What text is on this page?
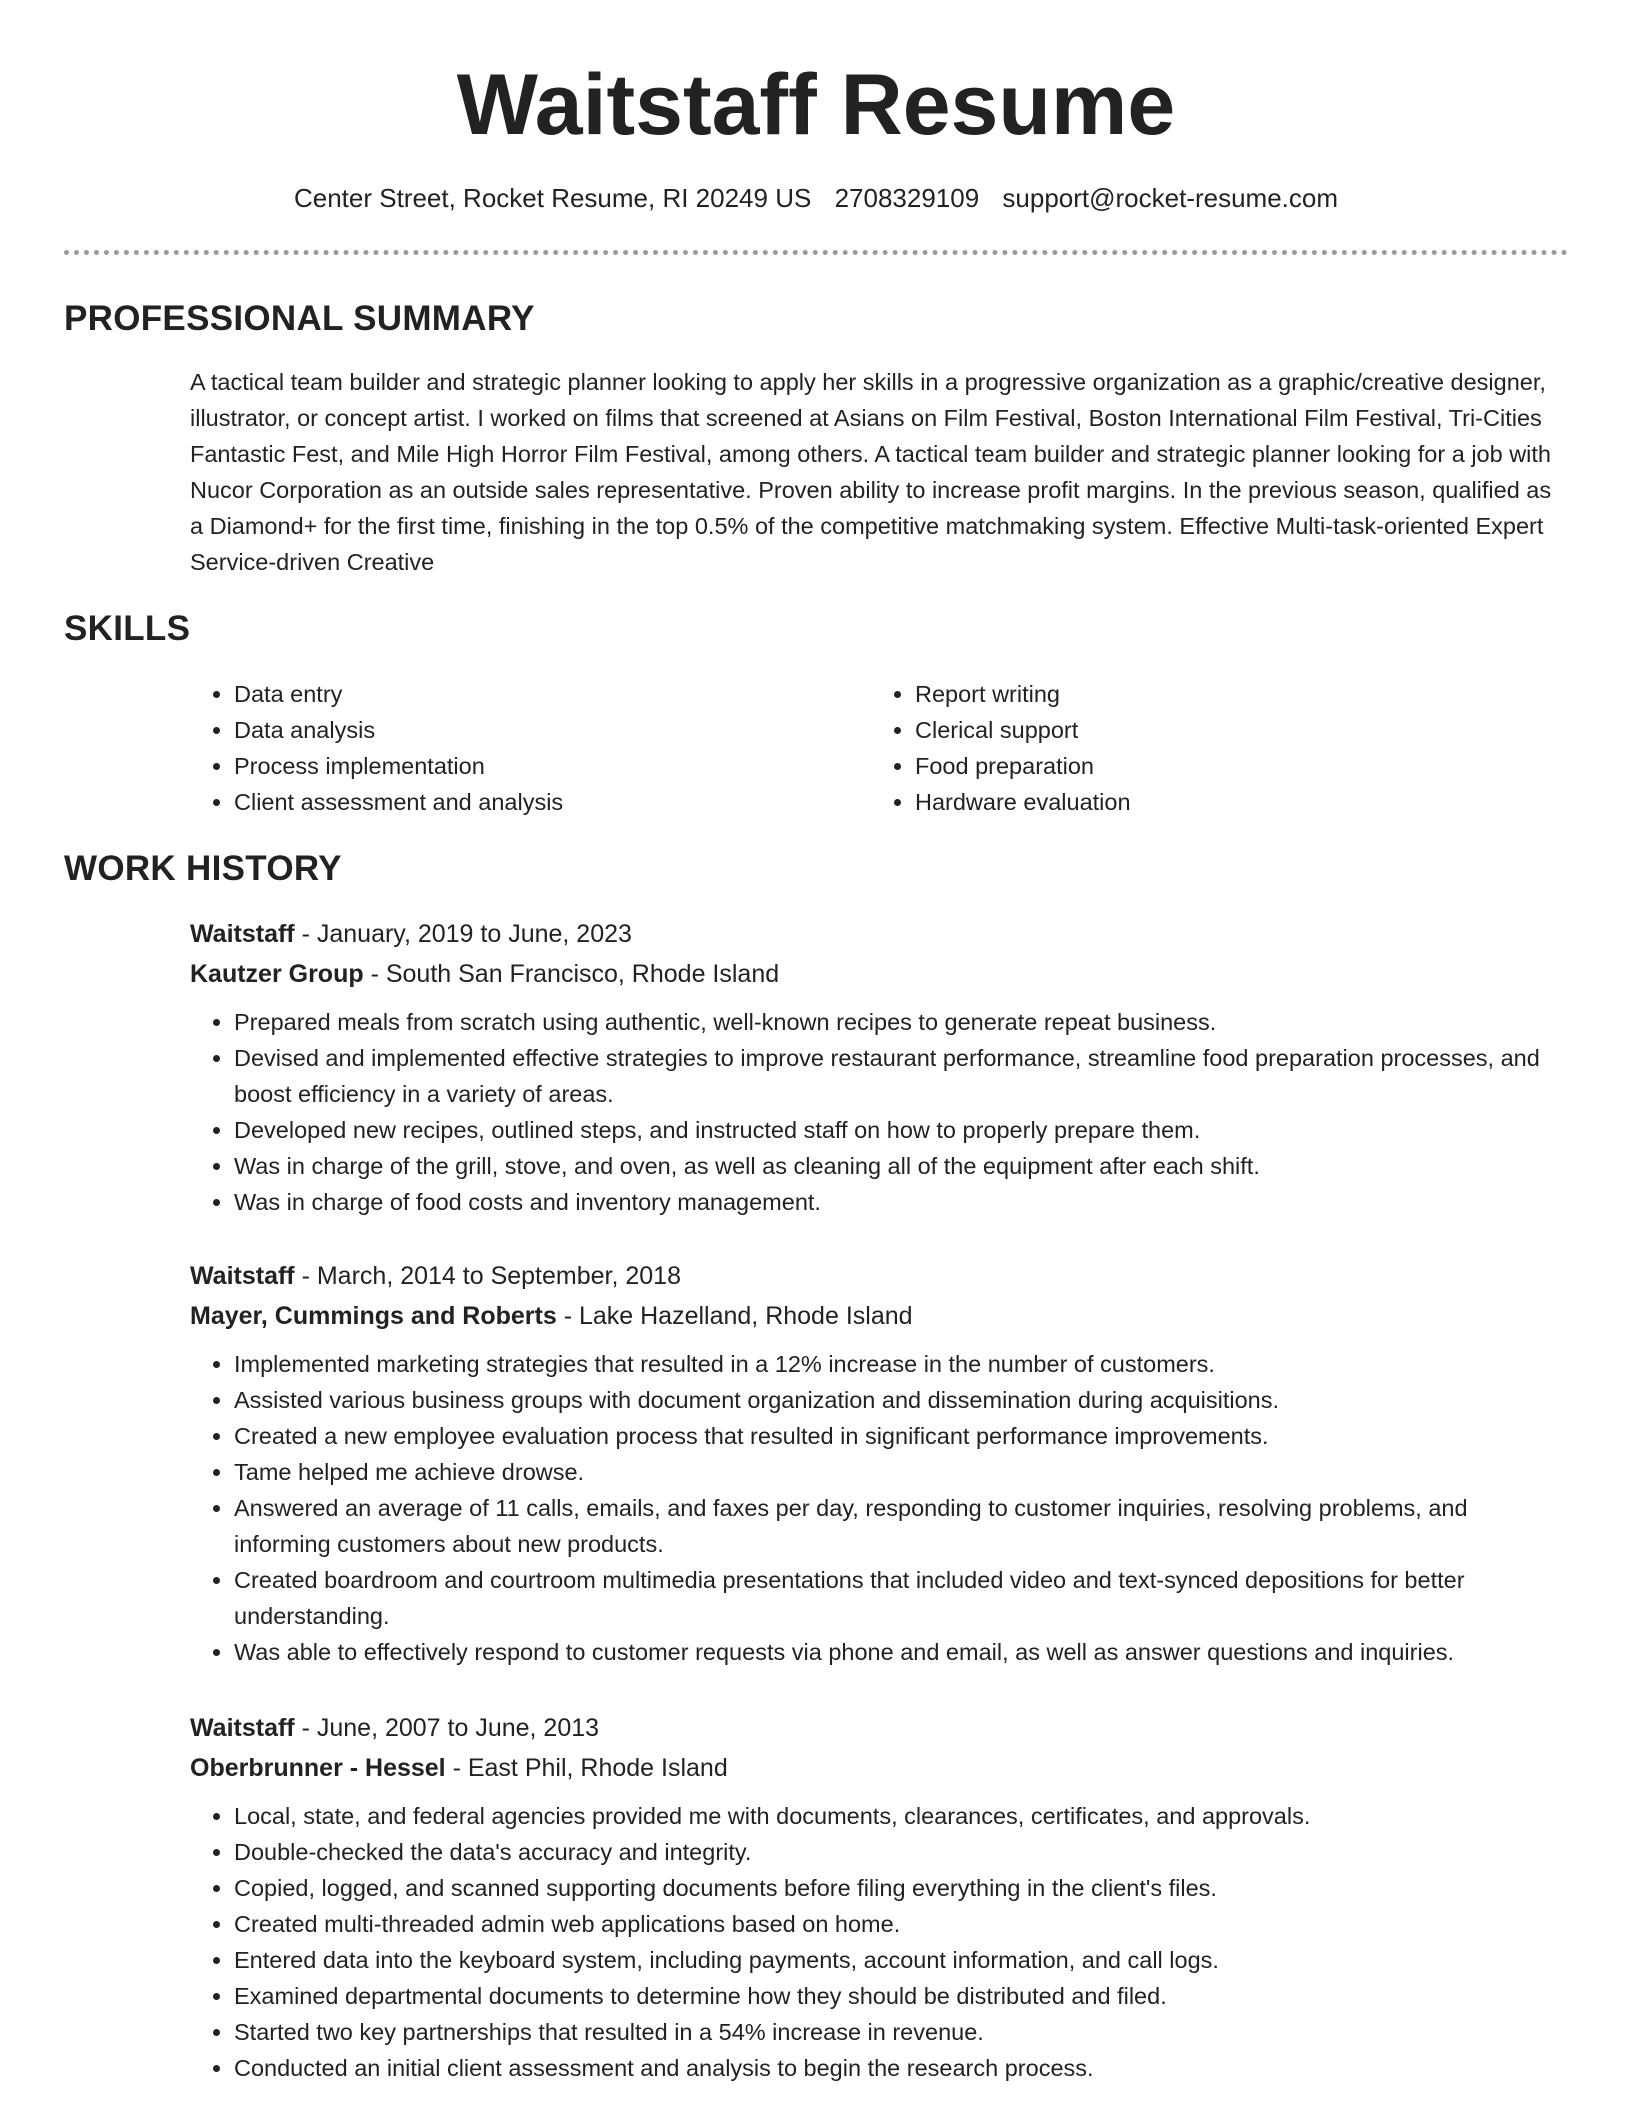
Waitstaff Resume
Center Street, Rocket Resume, RI 20249 US 2708329109 support@rocket-resume.com
PROFESSIONAL SUMMARY

A tactical team builder and strategic planner looking to apply her skills in a progressive organization as a graphic/creative designer, illustrator, or concept artist. I worked on films that screened at Asians on Film Festival, Boston International Film Festival, Tri-Cities Fantastic Fest, and Mile High Horror Film Festival, among others. A tactical team builder and strategic planner looking for a job with Nucor Corporation as an outside sales representative. Proven ability to increase profit margins. In the previous season, qualified as a Diamond+ for the first time, finishing in the top 0.5% of the competitive matchmaking system. Effective Multi-task-oriented Expert Service-driven Creative

SKILLS
• Data entry
• Data analysis
• Process implementation
• Client assessment and analysis
• Report writing
• Clerical support
• Food preparation
• Hardware evaluation
WORK HISTORY

Waitstaff - January, 2019 to June, 2023

Kautzer Group - South San Francisco, Rhode Island

• Prepared meals from scratch using authentic, well-known recipes to generate repeat business.
• Devised and implemented effective strategies to improve restaurant performance, streamline food preparation processes, and boost efficiency in a variety of areas.
• Developed new recipes, outlined steps, and instructed staff on how to properly prepare them.
• Was in charge of the grill, stove, and oven, as well as cleaning all of the equipment after each shift.
• Was in charge of food costs and inventory management.

Waitstaff - March, 2014 to September, 2018

Mayer, Cummings and Roberts - Lake Hazelland, Rhode Island

• Implemented marketing strategies that resulted in a 12% increase in the number of customers.
• Assisted various business groups with document organization and dissemination during acquisitions.
• Created a new employee evaluation process that resulted in significant performance improvements.
• Tame helped me achieve drowse.
• Answered an average of 11 calls, emails, and faxes per day, responding to customer inquiries, resolving problems, and informing customers about new products.
• Created boardroom and courtroom multimedia presentations that included video and text-synced depositions for better understanding.
• Was able to effectively respond to customer requests via phone and email, as well as answer questions and inquiries.

Waitstaff - June, 2007 to June, 2013

Oberbrunner - Hessel - East Phil, Rhode Island

• Local, state, and federal agencies provided me with documents, clearances, certificates, and approvals.
• Double-checked the data's accuracy and integrity.
• Copied, logged, and scanned supporting documents before filing everything in the client's files.
• Created multi-threaded admin web applications based on home.
• Entered data into the keyboard system, including payments, account information, and call logs.
• Examined departmental documents to determine how they should be distributed and filed.
• Started two key partnerships that resulted in a 54% increase in revenue.
• Conducted an initial client assessment and analysis to begin the research process.
